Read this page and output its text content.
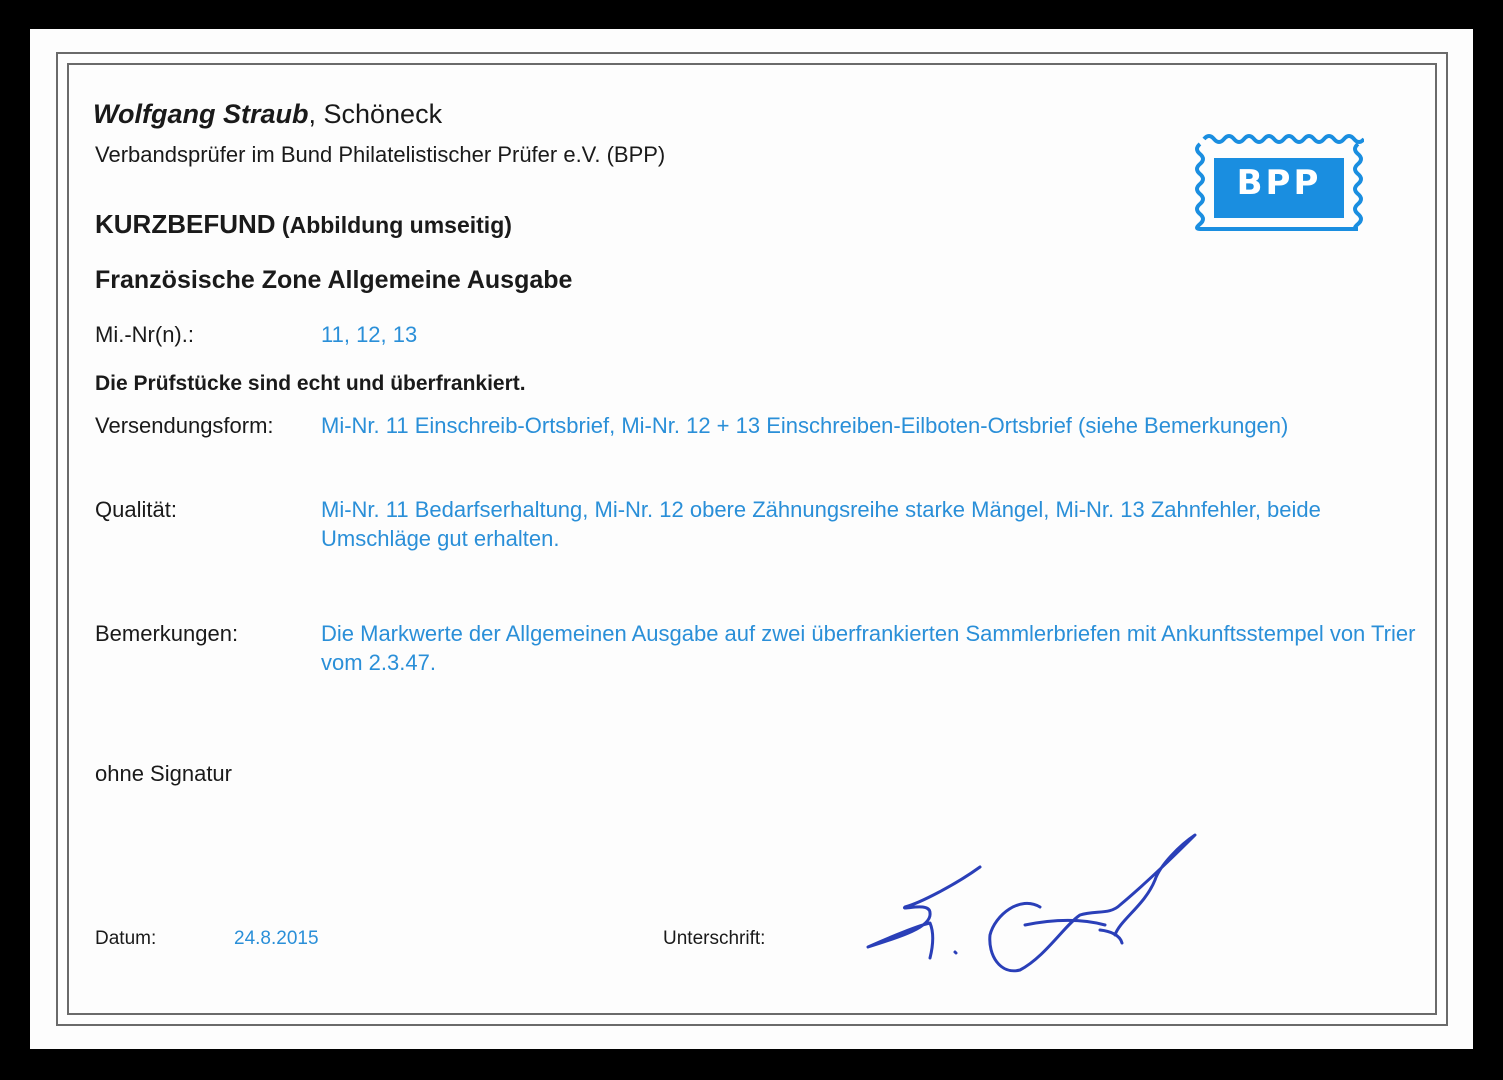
Wolfgang Straub, Schöneck
Verbandsprüfer im Bund Philatelistischer Prüfer e.V. (BPP)
BPP
KURZBEFUND (Abbildung umseitig)
Französische Zone Allgemeine Ausgabe
Mi.-Nr(n).:	11, 12, 13
Die Prüfstücke sind echt und überfrankiert.
Versendungsform: Mi-Nr. 11 Einschreib-Ortsbrief, Mi-Nr. 12 + 13 Einschreiben-Eilboten-Ortsbrief (siehe Bemerkungen)
Qualität:	Mi-Nr. 11 Bedarfserhaltung, Mi-Nr. 12 obere Zähnungsreihe starke Mängel, Mi-Nr. 13 Zahnfehler, beide Umschläge gut erhalten.
Bemerkungen:	Die Markwerte der Allgemeinen Ausgabe auf zwei überfrankierten Sammlerbriefen mit Ankunftsstempel von Trier vom 2.3.47.
ohne Signatur
Datum:	24.8.2015	Unterschrift:
